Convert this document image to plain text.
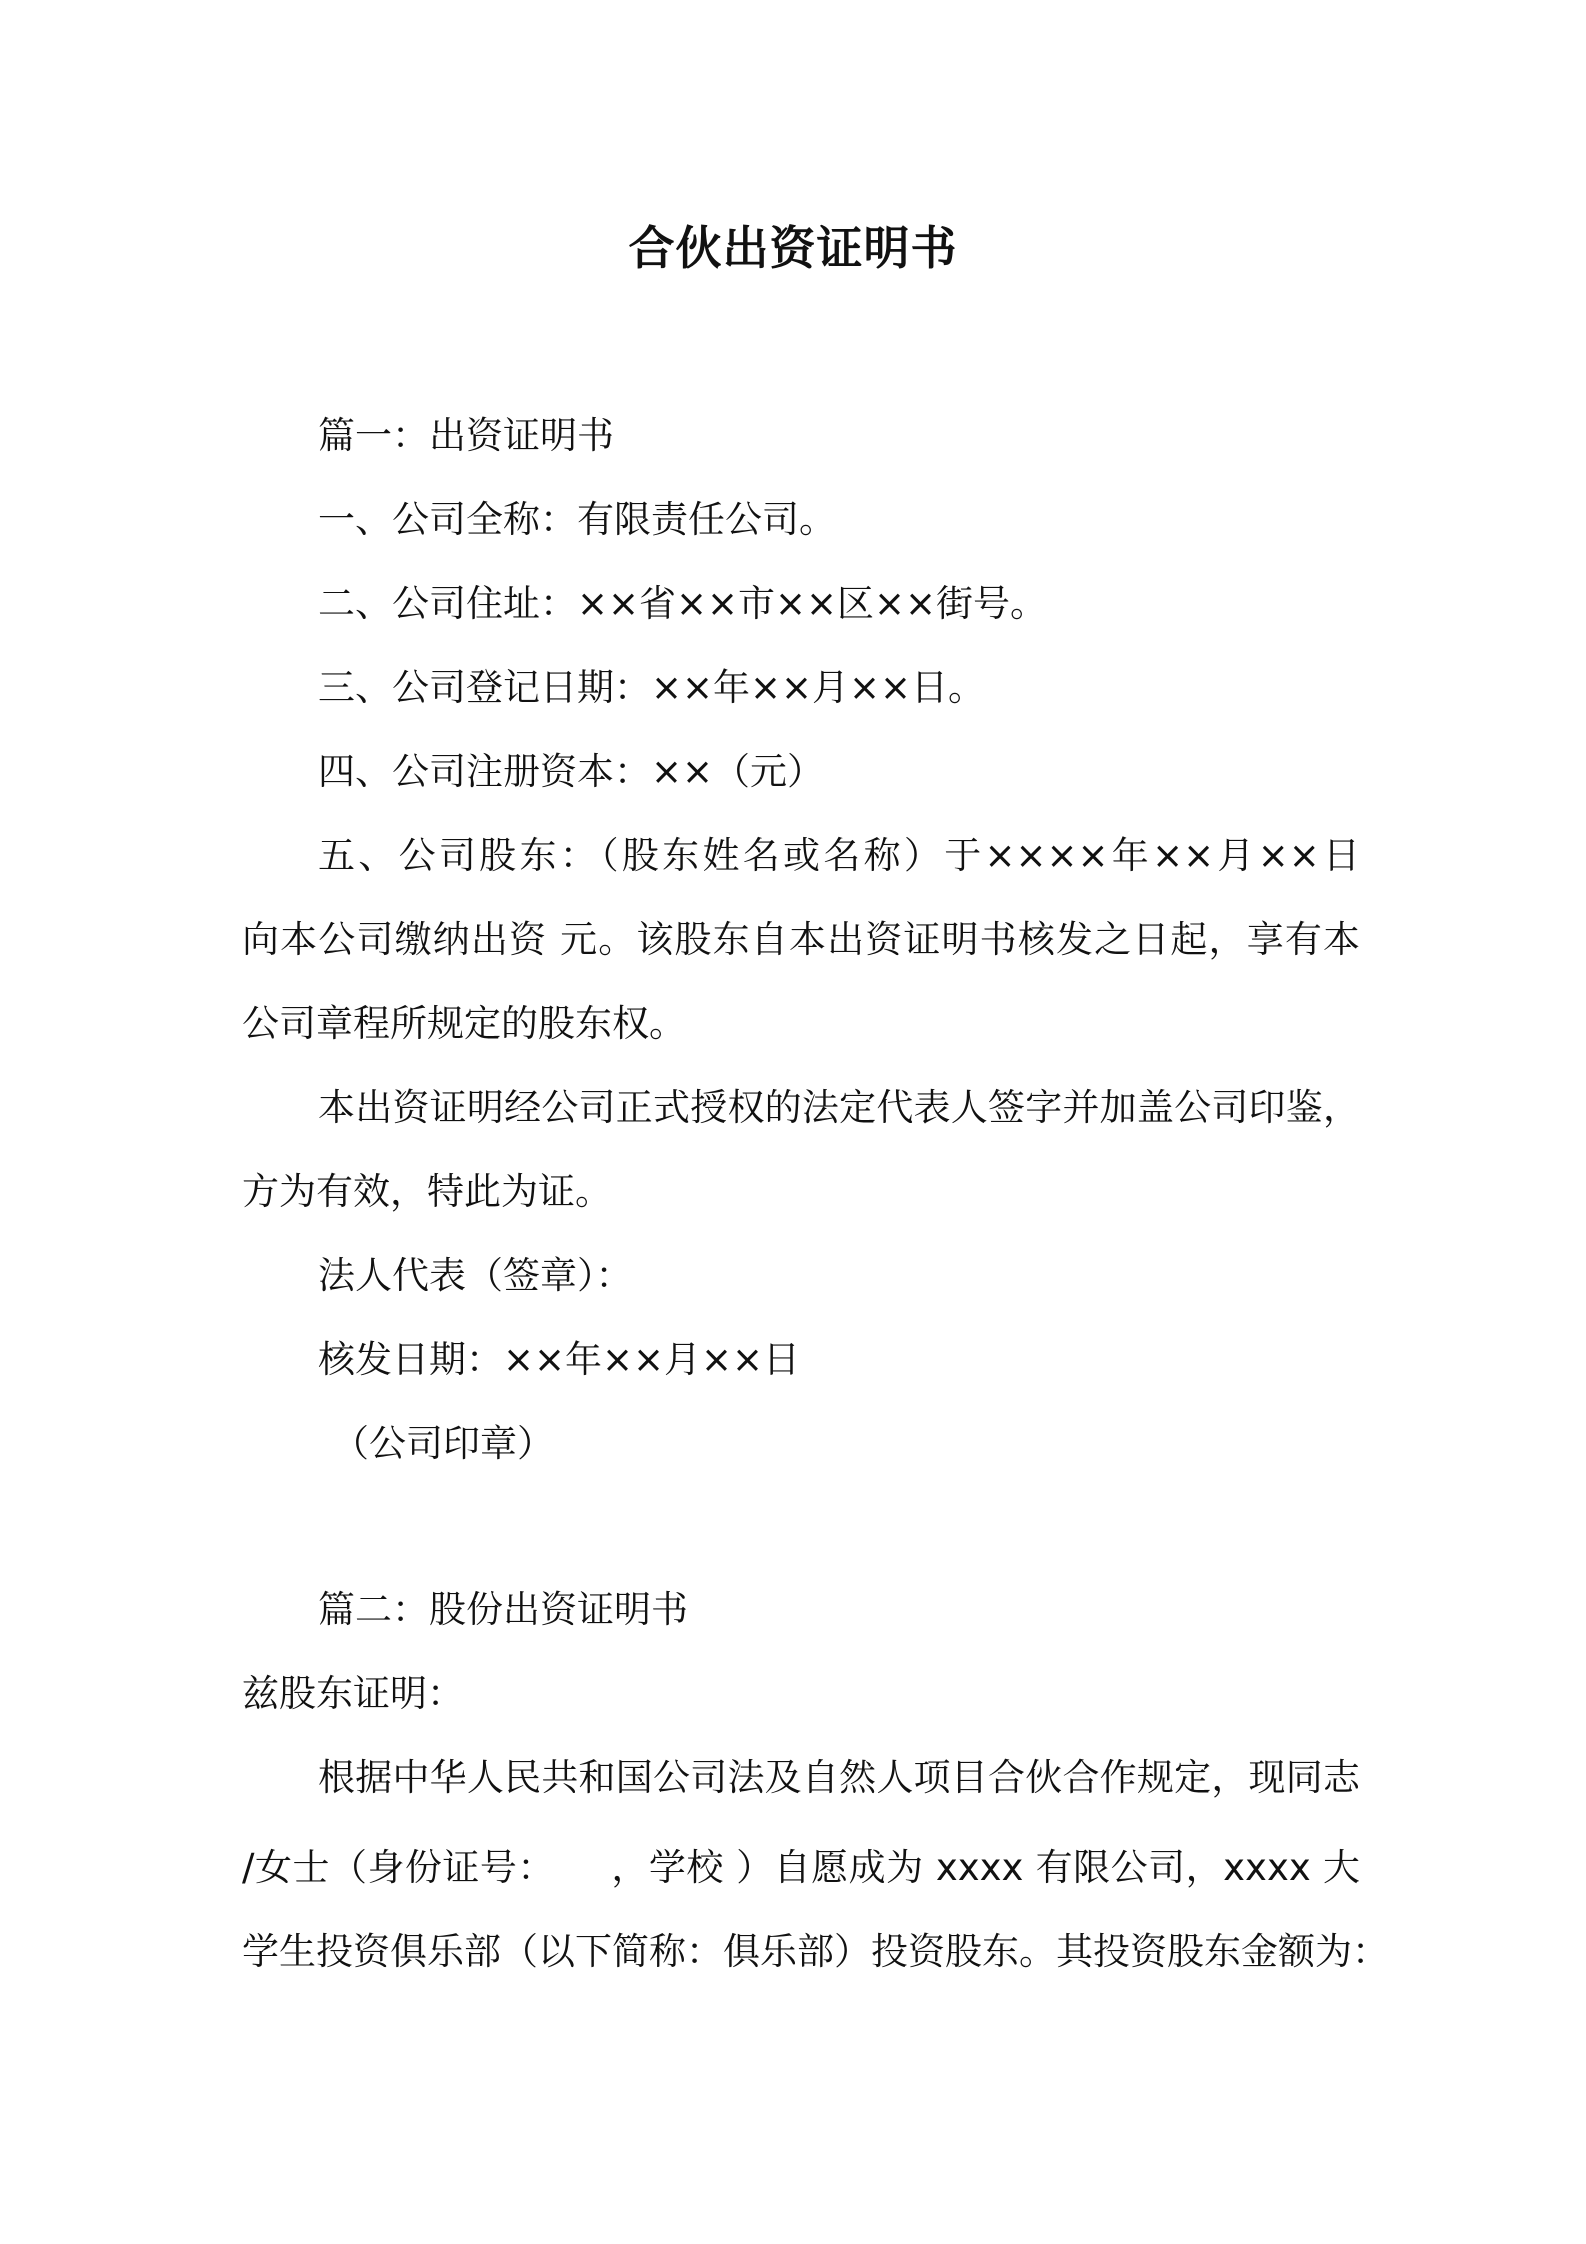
合伙出资证明书
篇一：出资证明书
一、公司全称：有限责任公司。
二、公司住址：××省××市××区××街号。
三、公司登记日期：××年××月××日。
四、公司注册资本：××（元）
五、公司股东：（股东姓名或名称）于××××年××月××日
向本公司缴纳出资 元。该股东自本出资证明书核发之日起，享有本
公司章程所规定的股东权。
本出资证明经公司正式授权的法定代表人签字并加盖公司印鉴，
方为有效，特此为证。
法人代表（签章）：
核发日期：××年××月××日
（公司印章）
篇二：股份出资证明书
兹股东证明：
根据中华人民共和国公司法及自然人项目合伙合作规定，现同志
/女士（身份证号：　　，学校 ）自愿成为 xxxx 有限公司，xxxx 大
学生投资俱乐部（以下简称：俱乐部）投资股东。其投资股东金额为：
